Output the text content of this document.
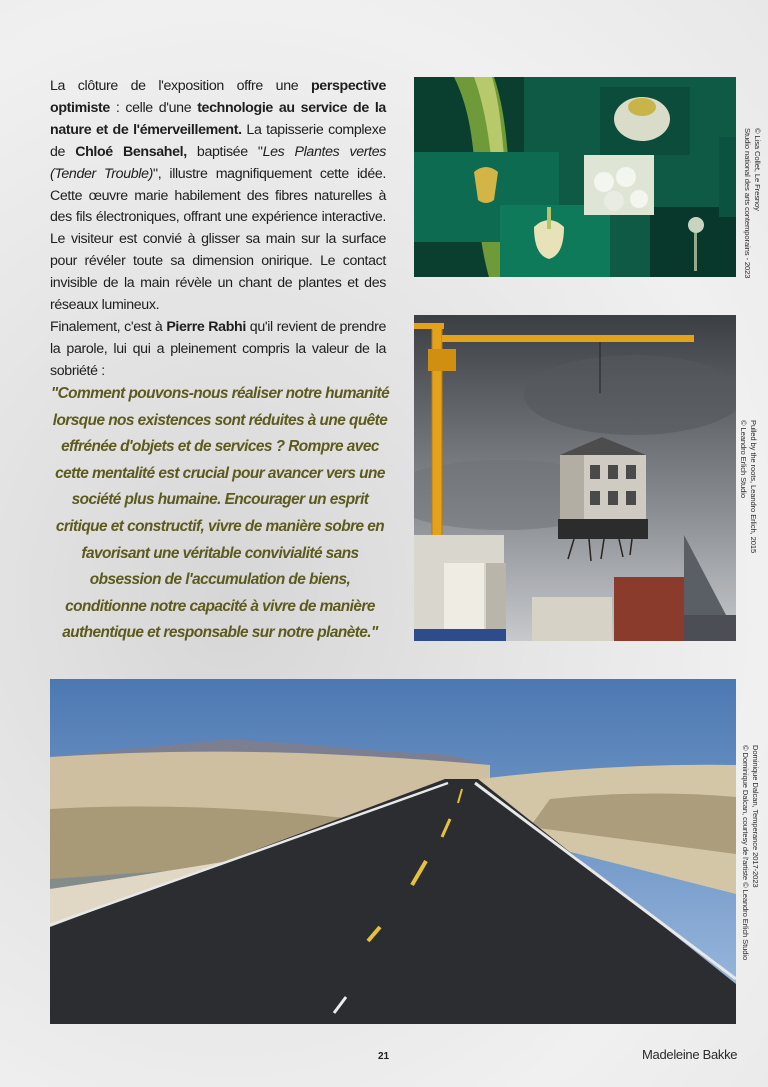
La clôture de l'exposition offre une perspective optimiste : celle d'une technologie au service de la nature et de l'émerveillement. La tapisserie complexe de Chloé Bensahel, baptisée "Les Plantes vertes (Tender Trouble)", illustre magnifiquement cette idée. Cette œuvre marie habilement des fibres naturelles à des fils électroniques, offrant une expérience interactive. Le visiteur est convié à glisser sa main sur la surface pour révéler toute sa dimension onirique. Le contact invisible de la main révèle un chant de plantes et des réseaux lumineux.

Finalement, c'est à Pierre Rabhi qu'il revient de prendre la parole, lui qui a pleinement compris la valeur de la sobriété :

"Comment pouvons-nous réaliser notre humanité lorsque nos existences sont réduites à une quête effrénée d'objets et de services ? Rompre avec cette mentalité est crucial pour avancer vers une société plus humaine. Encourager un esprit critique et constructif, vivre de manière sobre en favorisant une véritable convivialité sans obsession de l'accumulation de biens, conditionne notre capacité à vivre de manière authentique et responsable sur notre planète."
© Lisa Collet, Le Fresnoy
Studio national des arts contemporains - 2023
Pulled by the roots, Leandro Erlich, 2015
© Leandro Erlich Studio
Dominique Dalcan, Temperance 2017-2023
© Dominique Dalcan, courtesy de l'artiste © Leandro Erlich Studio
21	Madeleine Bakke
